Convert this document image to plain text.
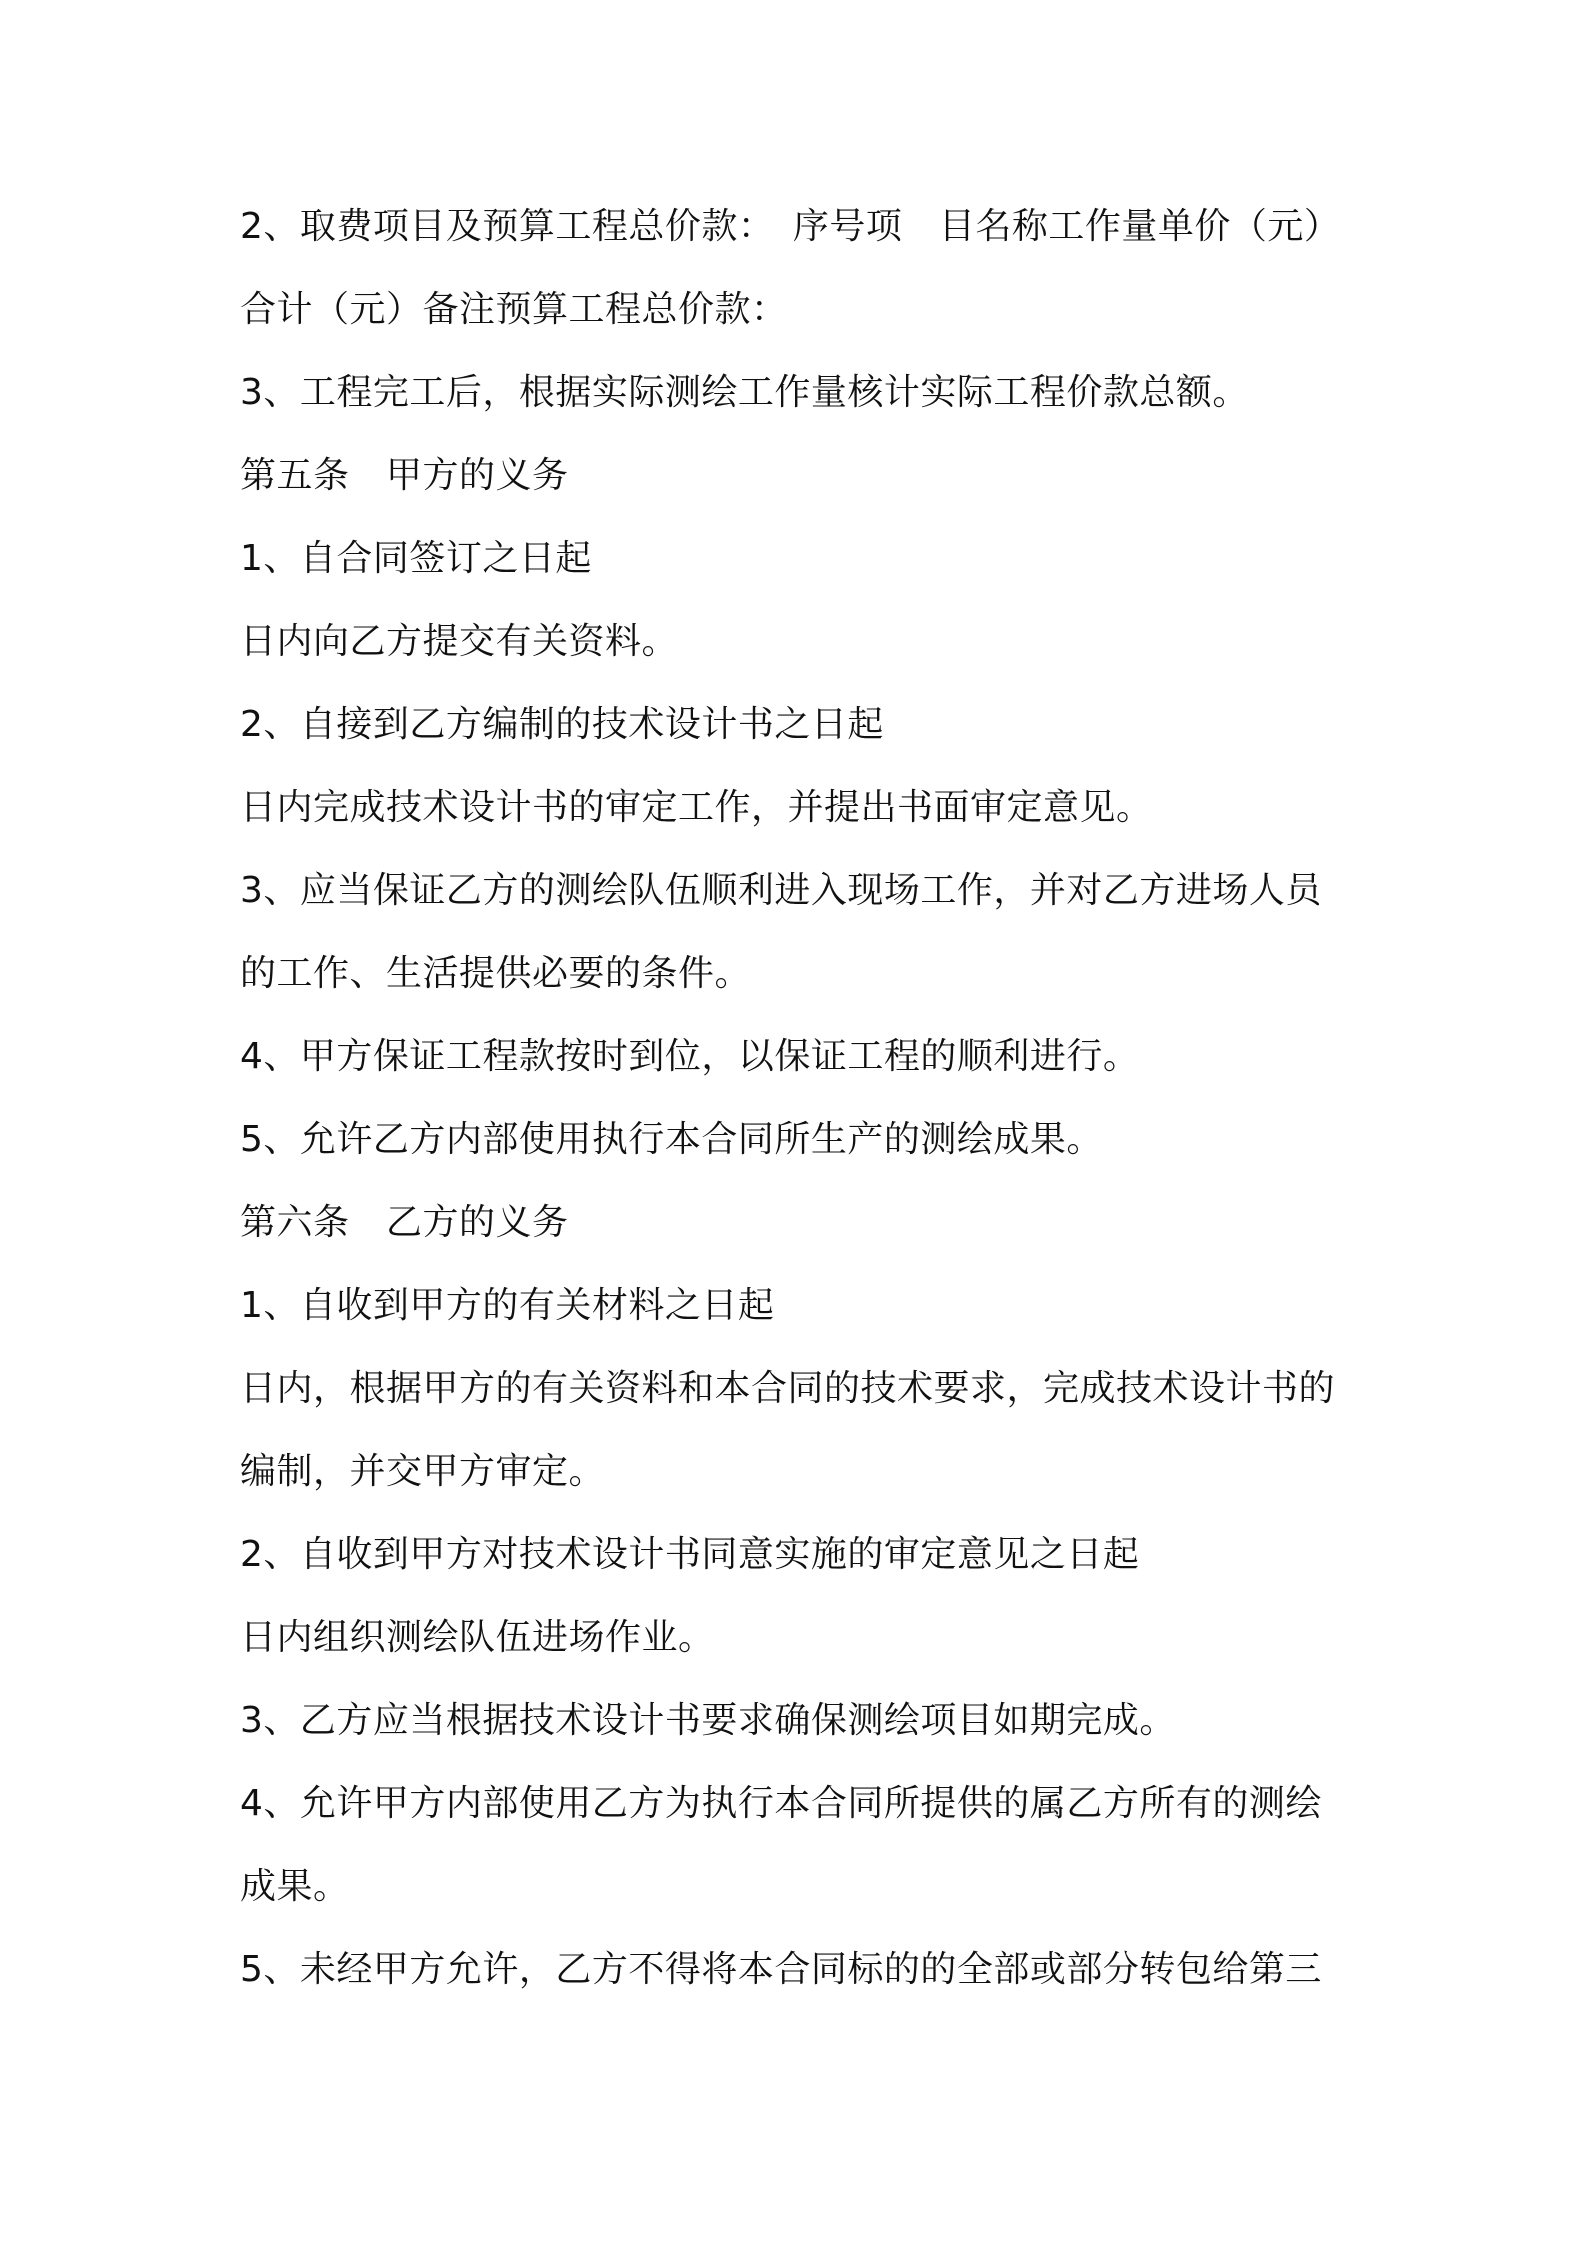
2、取费项目及预算工程总价款：　序号项　目名称工作量单价（元）

合计（元）备注预算工程总价款：

3、工程完工后，根据实际测绘工作量核计实际工程价款总额。

第五条　甲方的义务

1、自合同签订之日起

日内向乙方提交有关资料。

2、自接到乙方编制的技术设计书之日起

日内完成技术设计书的审定工作，并提出书面审定意见。

3、应当保证乙方的测绘队伍顺利进入现场工作，并对乙方进场人员

的工作、生活提供必要的条件。

4、甲方保证工程款按时到位，以保证工程的顺利进行。

5、允许乙方内部使用执行本合同所生产的测绘成果。

第六条　乙方的义务

1、自收到甲方的有关材料之日起

日内，根据甲方的有关资料和本合同的技术要求，完成技术设计书的

编制，并交甲方审定。

2、自收到甲方对技术设计书同意实施的审定意见之日起

日内组织测绘队伍进场作业。

3、乙方应当根据技术设计书要求确保测绘项目如期完成。

4、允许甲方内部使用乙方为执行本合同所提供的属乙方所有的测绘

成果。

5、未经甲方允许，乙方不得将本合同标的的全部或部分转包给第三
